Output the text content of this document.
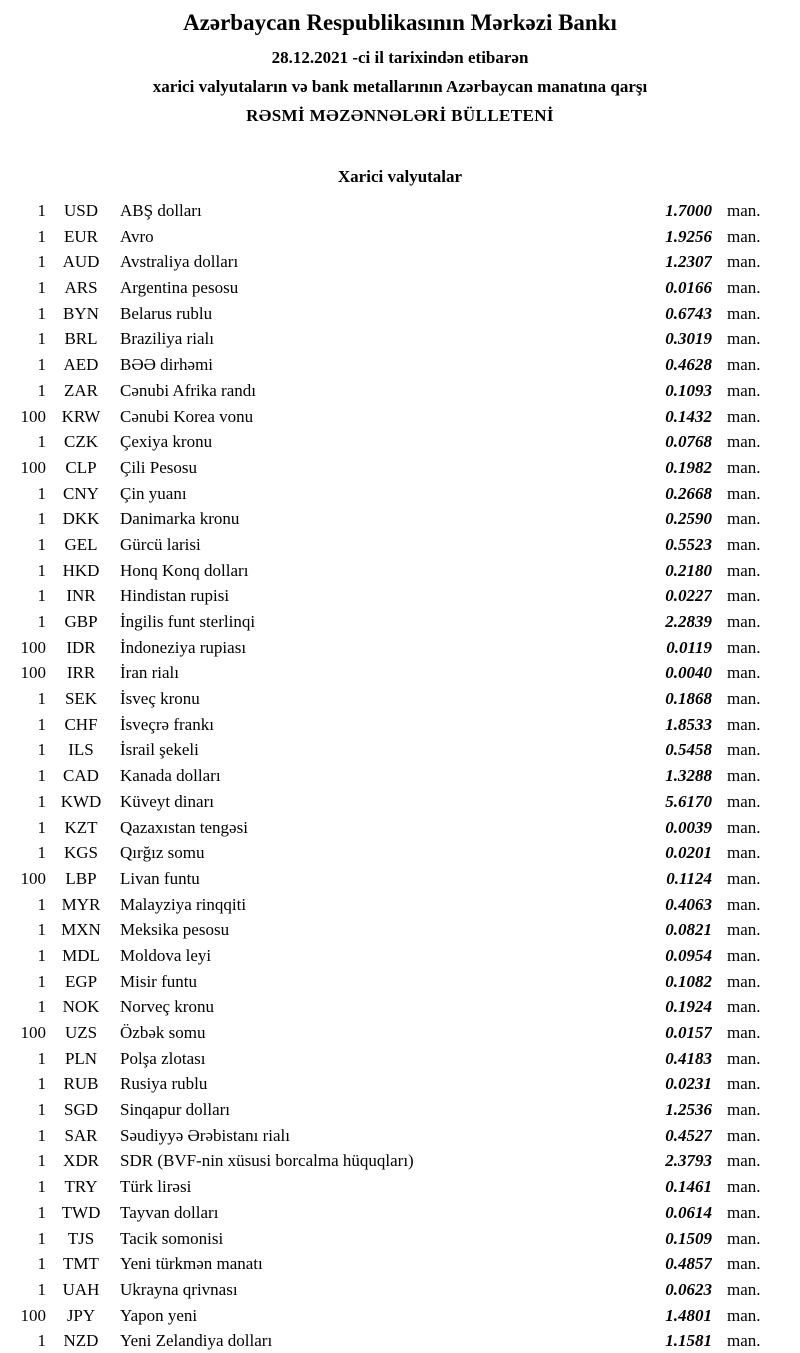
Azərbaycan Respublikasının Mərkəzi Bankı
28.12.2021 -ci il tarixindən etibarən
xarici valyutaların və bank metallarının Azərbaycan manatına qarşı
RƏSMİ MƏZƏNNƏLƏRİ BÜLLETENİ
Xarici valyutalar
1	USD	ABŞ dolları	1.7000 man.
1	EUR	Avro	1.9256 man.
1 AUD	Avstraliya dolları	1.2307 man.
1	ARS	Argentina pesosu	0.0166 man.
1	BYN	Belarus rublu	0.6743 man.
1	BRL	Braziliya rialı	0.3019 man.
1	AED	BƏƏ dirhəmi	0.4628 man.
1	ZAR	Cənubi Afrika randı	0.1093 man.
100 KRW	Cənubi Korea vonu	0.1432 man.
1	CZK	Çexiya kronu	0.0768 man.
100	CLP	Çili Pesosu	0.1982 man.
1	CNY	Çin yuanı	0.2668 man.
1 DKK	Danimarka kronu	0.2590 man.
1	GEL	Gürcü larisi	0.5523 man.
1 HKD	Honq Konq dolları	0.2180 man.
1	INR	Hindistan rupisi	0.0227 man.
1	GBP	İngilis funt sterlinqi	2.2839 man.
100	IDR	İndoneziya rupiası	0.0119 man.
100	IRR	İran rialı	0.0040 man.
1	SEK	İsveç kronu	0.1868 man.
1	CHF	İsveçrə frankı	1.8533 man.
1	ILS	İsrail şekeli	0.5458 man.
1	CAD	Kanada dolları	1.3288 man.
1 KWD	Küveyt dinarı	5.6170 man.
1	KZT	Qazaxıstan tengəsi	0.0039 man.
1	KGS	Qırğız somu	0.0201 man.
100	LBP	Livan funtu	0.1124 man.
1 MYR	Malayziya rinqqiti	0.4063 man.
1 MXN	Meksika pesosu	0.0821 man.
1 MDL	Moldova leyi	0.0954 man.
1	EGP	Misir funtu	0.1082 man.
1 NOK	Norveç kronu	0.1924 man.
100	UZS	Özbək somu	0.0157 man.
1	PLN	Polşa zlotası	0.4183 man.
1	RUB	Rusiya rublu	0.0231 man.
1	SGD	Sinqapur dolları	1.2536 man.
1	SAR	Səudiyyə Ərəbistanı rialı	0.4527 man.
1	XDR	SDR (BVF-nin xüsusi borcalma hüquqları)	2.3793 man.
1	TRY	Türk lirəsi	0.1461 man.
1 TWD	Tayvan dolları	0.0614 man.
1	TJS	Tacik somonisi	0.1509 man.
1	TMT	Yeni türkmən manatı	0.4857 man.
1 UAH	Ukrayna qrivnası	0.0623 man.
100	JPY	Yapon yeni	1.4801 man.
1	NZD	Yeni Zelandiya dolları	1.1581 man.
